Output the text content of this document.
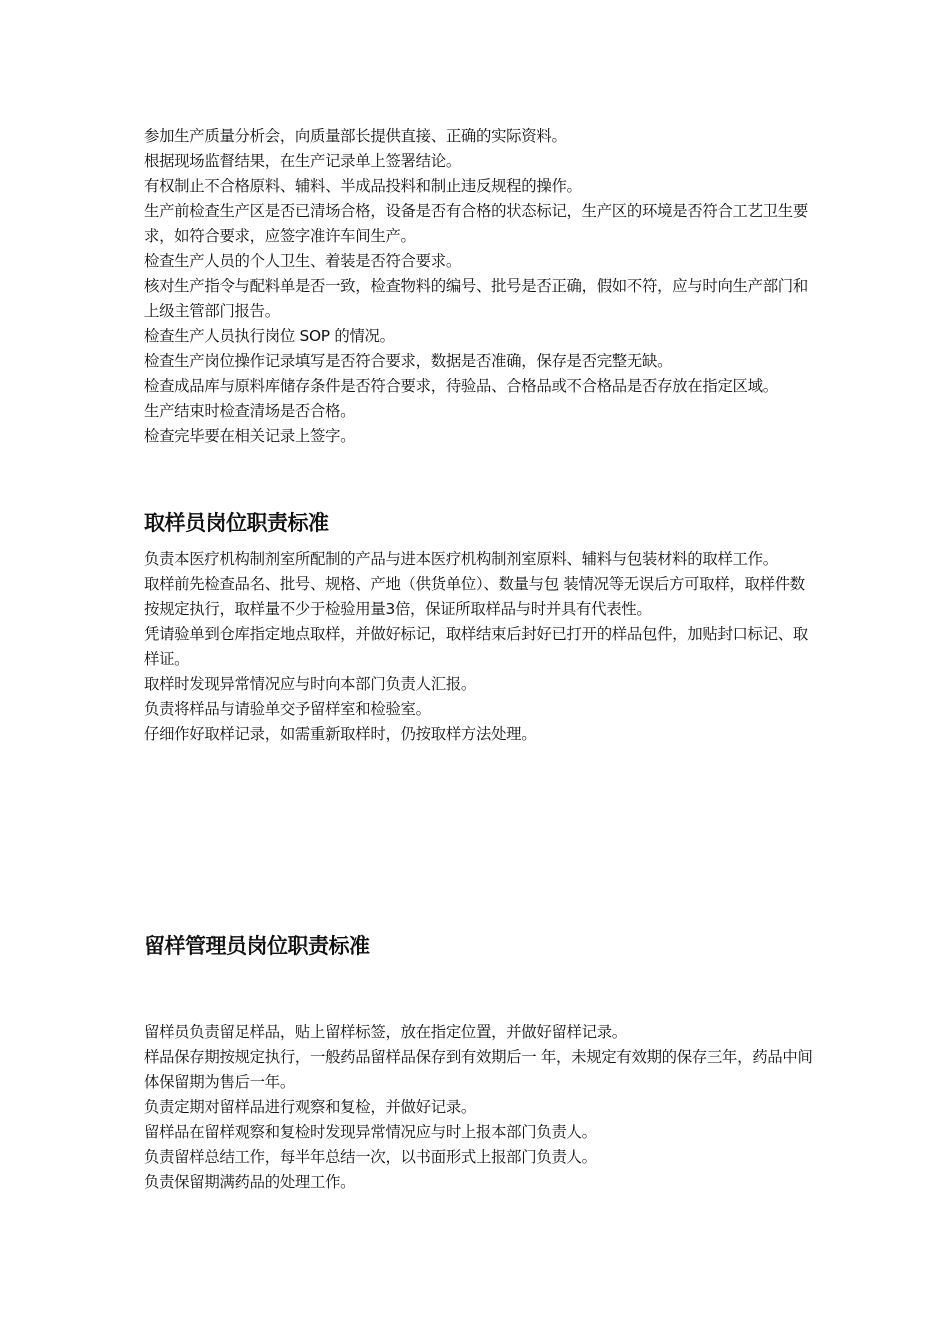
参加生产质量分析会，向质量部长提供直接、正确的实际资料。

根据现场监督结果，在生产记录单上签署结论。

有权制止不合格原料、辅料、半成品投料和制止违反规程的操作。

生产前检查生产区是否已清场合格，设备是否有合格的状态标记，生产区的环境是否符合工艺卫生要求，如符合要求，应签字准许车间生产。

检查生产人员的个人卫生、着装是否符合要求。

核对生产指令与配料单是否一致，检查物料的编号、批号是否正确，假如不符，应与时向生产部门和上级主管部门报告。

检查生产人员执行岗位 SOP 的情况。

检查生产岗位操作记录填写是否符合要求，数据是否准确，保存是否完整无缺。

检查成品库与原料库储存条件是否符合要求，待验品、合格品或不合格品是否存放在指定区域。

生产结束时检查清场是否合格。

检查完毕要在相关记录上签字。

取样员岗位职责标准

负责本医疗机构制剂室所配制的产品与进本医疗机构制剂室原料、辅料与包装材料的取样工作。

取样前先检查品名、批号、规格、产地（供货单位）、数量与包 装情况等无误后方可取样，取样件数按规定执行，取样量不少于检验用量3倍，保证所取样品与时并具有代表性。

凭请验单到仓库指定地点取样，并做好标记，取样结束后封好已打开的样品包件，加贴封口标记、取样证。

取样时发现异常情况应与时向本部门负责人汇报。

负责将样品与请验单交予留样室和检验室。

仔细作好取样记录，如需重新取样时，仍按取样方法处理。

留样管理员岗位职责标准

留样员负责留足样品，贴上留样标签，放在指定位置，并做好留样记录。

样品保存期按规定执行，一般药品留样品保存到有效期后一 年，未规定有效期的保存三年，药品中间体保留期为售后一年。

负责定期对留样品进行观察和复检，并做好记录。

留样品在留样观察和复检时发现异常情况应与时上报本部门负责人。

负责留样总结工作，每半年总结一次，以书面形式上报部门负责人。

负责保留期满药品的处理工作。
